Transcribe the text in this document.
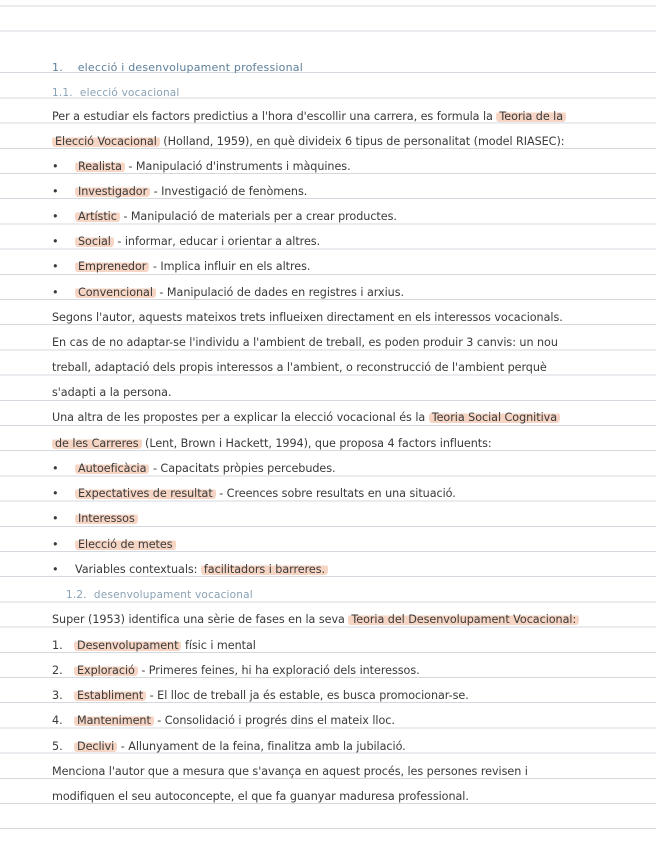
1. elecció i desenvolupament professional
1.1. elecció vocacional
Per a estudiar els factors predictius a l'hora d'escollir una carrera, es formula la Teoria de la
Elecció Vocacional (Holland, 1959), en què divideix 6 tipus de personalitat (model RIASEC):
• Realista - Manipulació d'instruments i màquines.
• Investigador - Investigació de fenòmens.
• Artístic - Manipulació de materials per a crear productes.
• Social - informar, educar i orientar a altres.
• Emprenedor - Implica influir en els altres.
• Convencional - Manipulació de dades en registres i arxius.
Segons l'autor, aquests mateixos trets influeixen directament en els interessos vocacionals.
En cas de no adaptar-se l'individu a l'ambient de treball, es poden produir 3 canvis: un nou
treball, adaptació dels propis interessos a l'ambient, o reconstrucció de l'ambient perquè
s'adapti a la persona.
Una altra de les propostes per a explicar la elecció vocacional és la Teoria Social Cognitiva
de les Carreres (Lent, Brown i Hackett, 1994), que proposa 4 factors influents:
• Autoeficàcia - Capacitats pròpies percebudes.
• Expectatives de resultat - Creences sobre resultats en una situació.
• Interessos
• Elecció de metes
• Variables contextuals: facilitadors i barreres.
1.2. desenvolupament vocacional
Super (1953) identifica una sèrie de fases en la seva Teoria del Desenvolupament Vocacional:
1. Desenvolupament físic i mental
2. Exploració - Primeres feines, hi ha exploració dels interessos.
3. Establiment - El lloc de treball ja és estable, es busca promocionar-se.
4. Manteniment - Consolidació i progrés dins el mateix lloc.
5. Declivi - Allunyament de la feina, finalitza amb la jubilació.
Menciona l'autor que a mesura que s'avança en aquest procés, les persones revisen i
modifiquen el seu autoconcepte, el que fa guanyar maduresa professional.
